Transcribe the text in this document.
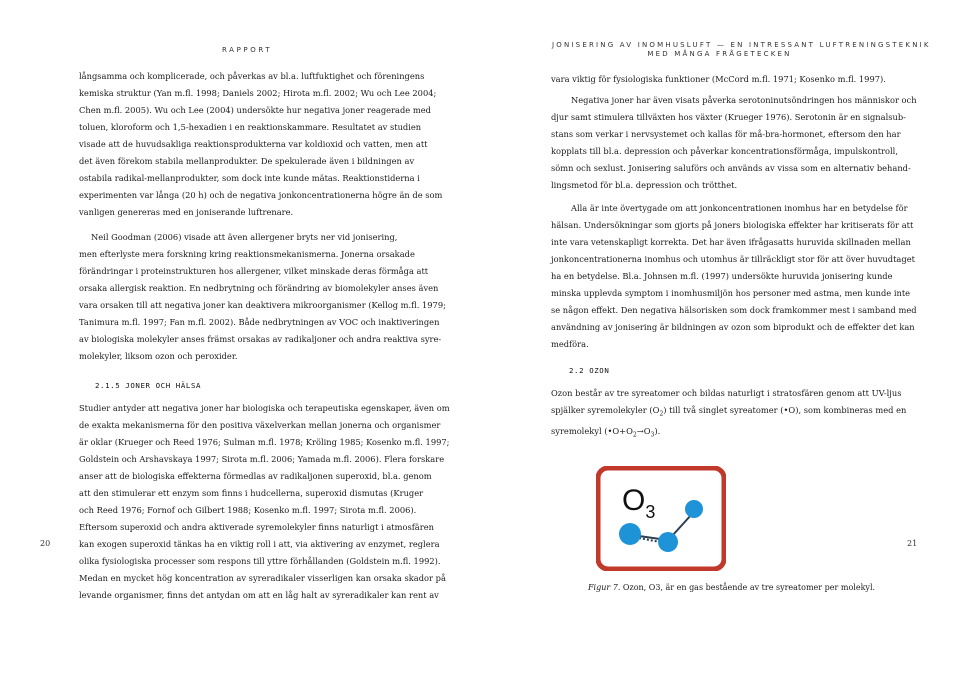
RAPPORT

långsamma och komplicerade, och påverkas av bl.a. luftfuktighet och föreningens

kemiska struktur (Yan m.fl. 1998; Daniels 2002; Hirota m.fl. 2002; Wu och Lee 2004;

Chen m.fl. 2005). Wu och Lee (2004) undersökte hur negativa joner reagerade med

toluen, kloroform och 1,5-hexadien i en reaktionskammare. Resultatet av studien

visade att de huvudsakliga reaktionsprodukterna var koldioxid och vatten, men att

det även förekom stabila mellanprodukter. De spekulerade även i bildningen av

ostabila radikal-mellanprodukter, som dock inte kunde mätas. Reaktionstiderna i

experimenten var långa (20 h) och de negativa jonkoncentrationerna högre än de som

vanligen genereras med en joniserande luftrenare.

Neil Goodman (2006) visade att även allergener bryts ner vid jonisering,

men efterlyste mera forskning kring reaktionsmekanismerna. Jonerna orsakade

förändringar i proteinstrukturen hos allergener, vilket minskade deras förmåga att

orsaka allergisk reaktion. En nedbrytning och förändring av biomolekyler anses även

vara orsaken till att negativa joner kan deaktivera mikroorganismer (Kellog m.fl. 1979;

Tanimura m.fl. 1997; Fan m.fl. 2002). Både nedbrytningen av VOC och inaktiveringen

av biologiska molekyler anses främst orsakas av radikaljoner och andra reaktiva syre-

molekyler, liksom ozon och peroxider.

2.1.5 JONER OCH HÄLSA

Studier antyder att negativa joner har biologiska och terapeutiska egenskaper, även om

de exakta mekanismerna för den positiva växelverkan mellan jonerna och organismer

är oklar (Krueger och Reed 1976; Sulman m.fl. 1978; Kröling 1985; Kosenko m.fl. 1997;

Goldstein och Arshavskaya 1997; Sirota m.fl. 2006; Yamada m.fl. 2006). Flera forskare

anser att de biologiska effekterna förmedlas av radikaljonen superoxid, bl.a. genom

att den stimulerar ett enzym som finns i hudcellerna, superoxid dismutas (Kruger

och Reed 1976; Fornof och Gilbert 1988; Kosenko m.fl. 1997; Sirota m.fl. 2006).

Eftersom superoxid och andra aktiverade syremolekyler finns naturligt i atmosfären

kan exogen superoxid tänkas ha en viktig roll i att, via aktivering av enzymet, reglera

olika fysiologiska processer som respons till yttre förhållanden (Goldstein m.fl. 1992).

Medan en mycket hög koncentration av syreradikaler visserligen kan orsaka skador på

levande organismer, finns det antydan om att en låg halt av syreradikaler kan rent av

20
JONISERING AV INOMHUSLUFT — EN INTRESSANT LUFTRENINGSTEKNIK
MED MÅNGA FRÅGETECKEN

vara viktig för fysiologiska funktioner (McCord m.fl. 1971; Kosenko m.fl. 1997).

Negativa joner har även visats påverka serotoninutsöndringen hos människor och

djur samt stimulera tillväxten hos växter (Krueger 1976). Serotonin är en signalsub-

stans som verkar i nervsystemet och kallas för må-bra-hormonet, eftersom den har

kopplats till bl.a. depression och påverkar koncentrationsförmåga, impulskontroll,

sömn och sexlust. Jonisering saluförs och används av vissa som en alternativ behand-

lingsmetod för bl.a. depression och trötthet.

Alla är inte övertygade om att jonkoncentrationen inomhus har en betydelse för

hälsan. Undersökningar som gjorts på joners biologiska effekter har kritiserats för att

inte vara vetenskapligt korrekta. Det har även ifrågasatts huruvida skillnaden mellan

jonkoncentrationerna inomhus och utomhus är tillräckligt stor för att över huvudtaget

ha en betydelse. Bl.a. Johnsen m.fl. (1997) undersökte huruvida jonisering kunde

minska upplevda symptom i inomhusmiljön hos personer med astma, men kunde inte

se någon effekt. Den negativa hälsorisken som dock framkommer mest i samband med

användning av jonisering är bildningen av ozon som biprodukt och de effekter det kan

medföra.

2.2 OZON

Ozon består av tre syreatomer och bildas naturligt i stratosfären genom att UV-ljus

spjälker syremolekyler $(O_2)$ till två singlet syreatomer (•O), som kombineras med en

syremolekyl $(•O+O_2\to O_3)$.

$O_3$
Figur 7. Ozon, O3, är en gas bestående av tre syreatomer per molekyl.
21
